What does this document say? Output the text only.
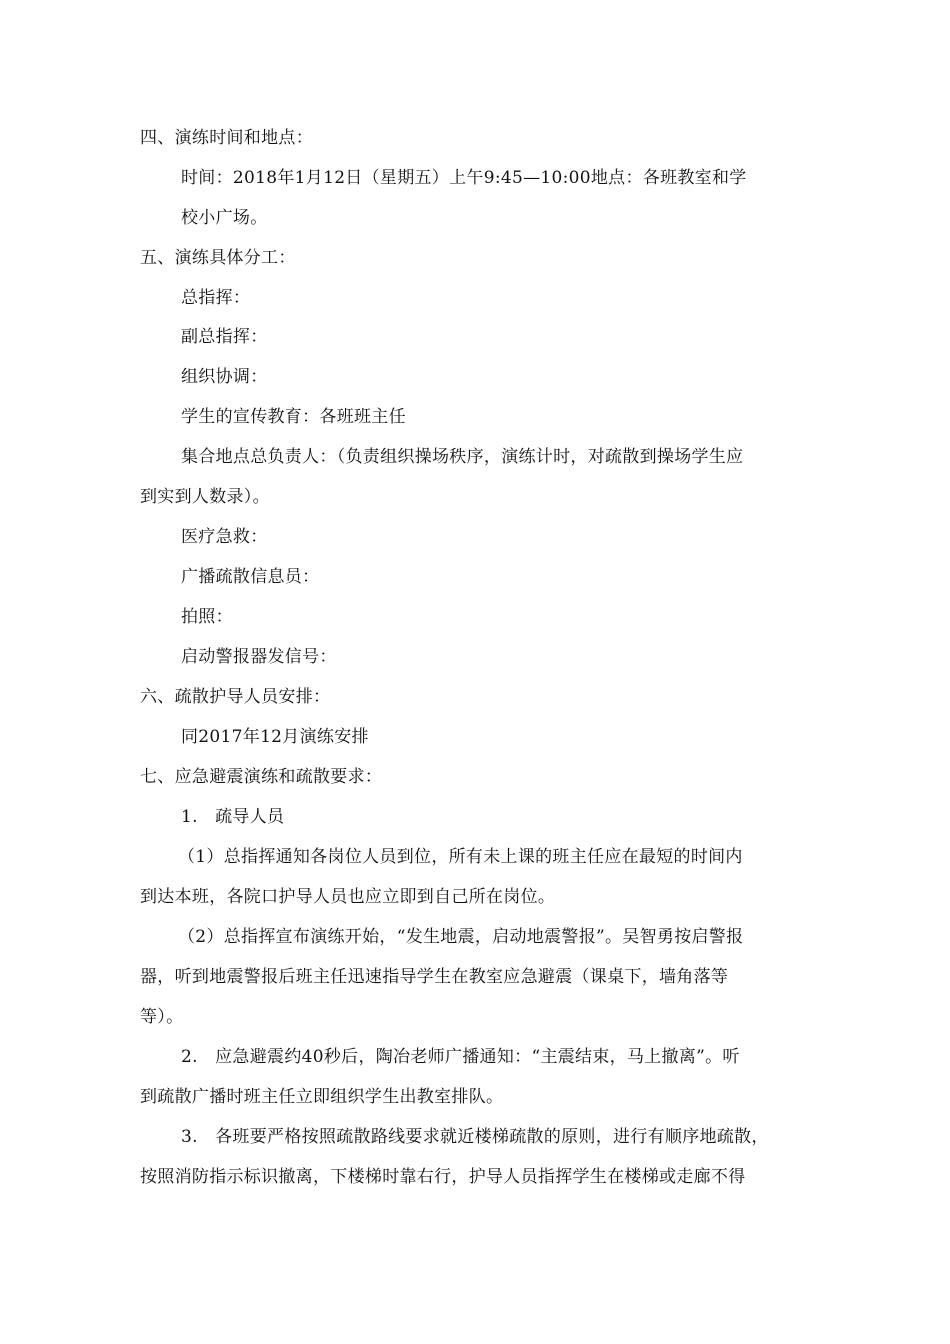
四、演练时间和地点：
时间：2018年1月12日（星期五）上午9:45—10:00地点：各班教室和学
校小广场。
五、演练具体分工：
总指挥：
副总指挥：
组织协调：
学生的宣传教育：各班班主任
集合地点总负责人：（负责组织操场秩序，演练计时，对疏散到操场学生应
到实到人数录）。
医疗急救：
广播疏散信息员：
拍照：
启动警报器发信号：
六、疏散护导人员安排：
同2017年12月演练安排
七、应急避震演练和疏散要求：
1.　疏导人员
（1）总指挥通知各岗位人员到位，所有未上课的班主任应在最短的时间内
到达本班，各院口护导人员也应立即到自己所在岗位。
（2）总指挥宣布演练开始，“发生地震，启动地震警报”。吴智勇按启警报
器，听到地震警报后班主任迅速指导学生在教室应急避震（课桌下，墙角落等
等）。
2.　应急避震约40秒后，陶冶老师广播通知：“主震结束，马上撤离”。听
到疏散广播时班主任立即组织学生出教室排队。
3.　各班要严格按照疏散路线要求就近楼梯疏散的原则，进行有顺序地疏散，
按照消防指示标识撤离，下楼梯时靠右行，护导人员指挥学生在楼梯或走廊不得
